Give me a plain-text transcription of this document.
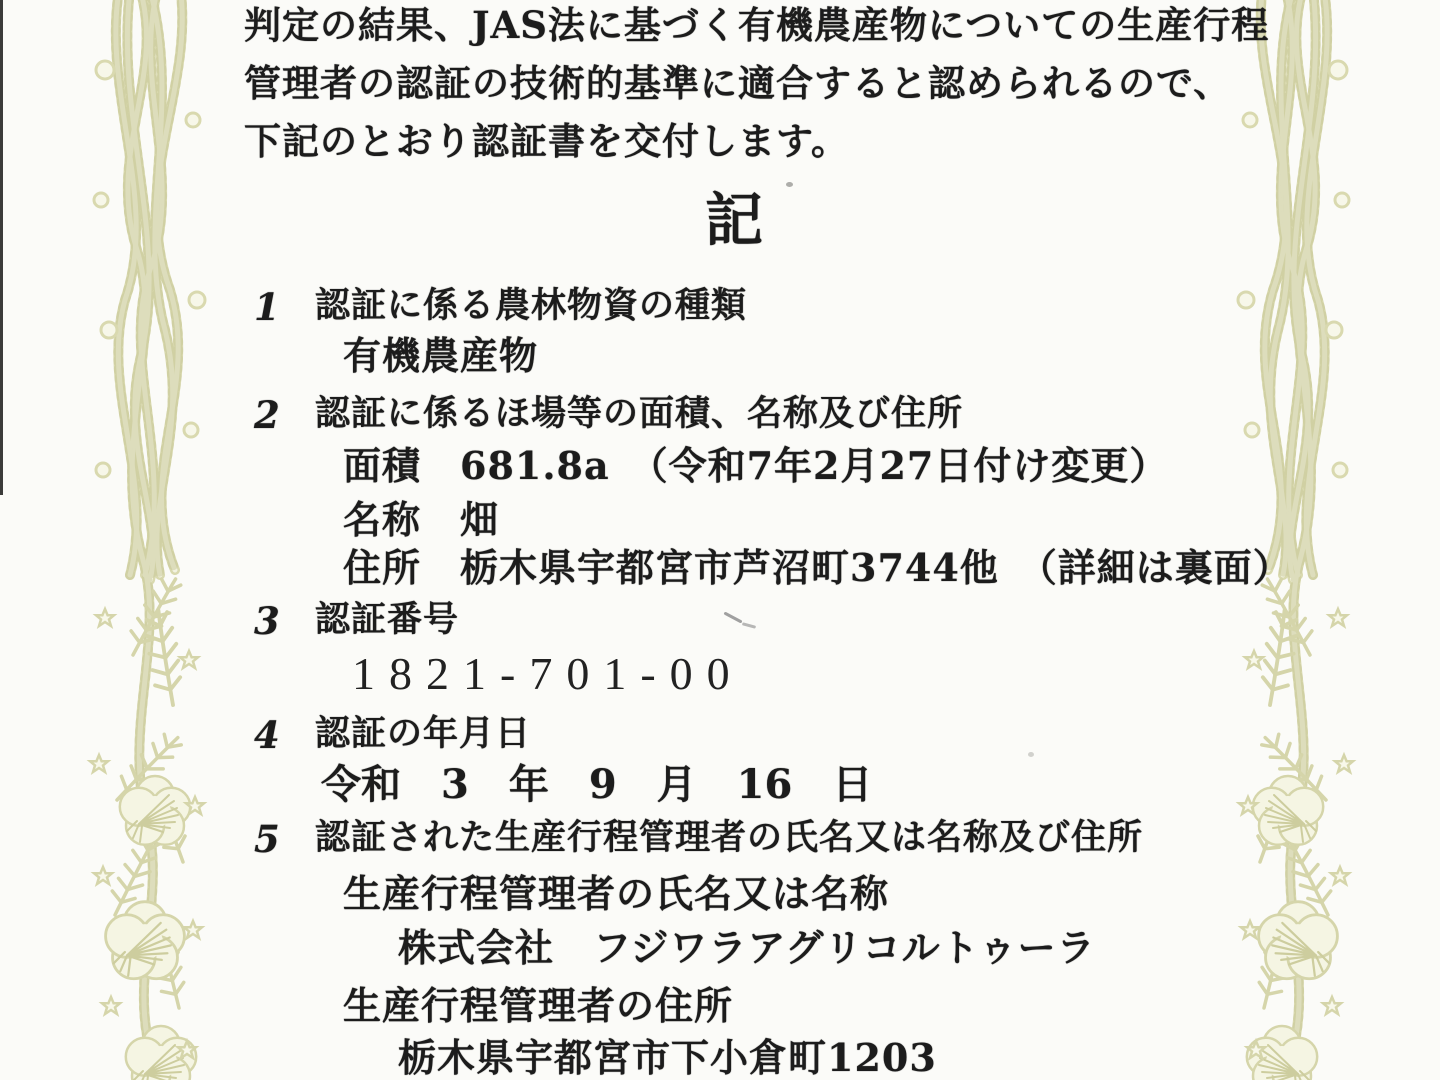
判定の結果、JAS法に基づく有機農産物についての生産行程
管理者の認証の技術的基準に適合すると認められるので、
下記のとおり認証書を交付します。
記
1 認証に係る農林物資の種類
有機農産物
2 認証に係るほ場等の面積、名称及び住所
面積　681.8a　（令和7年2月27日付け変更）
名称　畑
住所　栃木県宇都宮市芦沼町3744他　（詳細は裏面）
3 認証番号
1821-701-00
4 認証の年月日
令和　3　年　9　月　16　日
5 認証された生産行程管理者の氏名又は名称及び住所
生産行程管理者の氏名又は名称
株式会社　フジワラアグリコルトゥーラ
生産行程管理者の住所
栃木県宇都宮市下小倉町1203
